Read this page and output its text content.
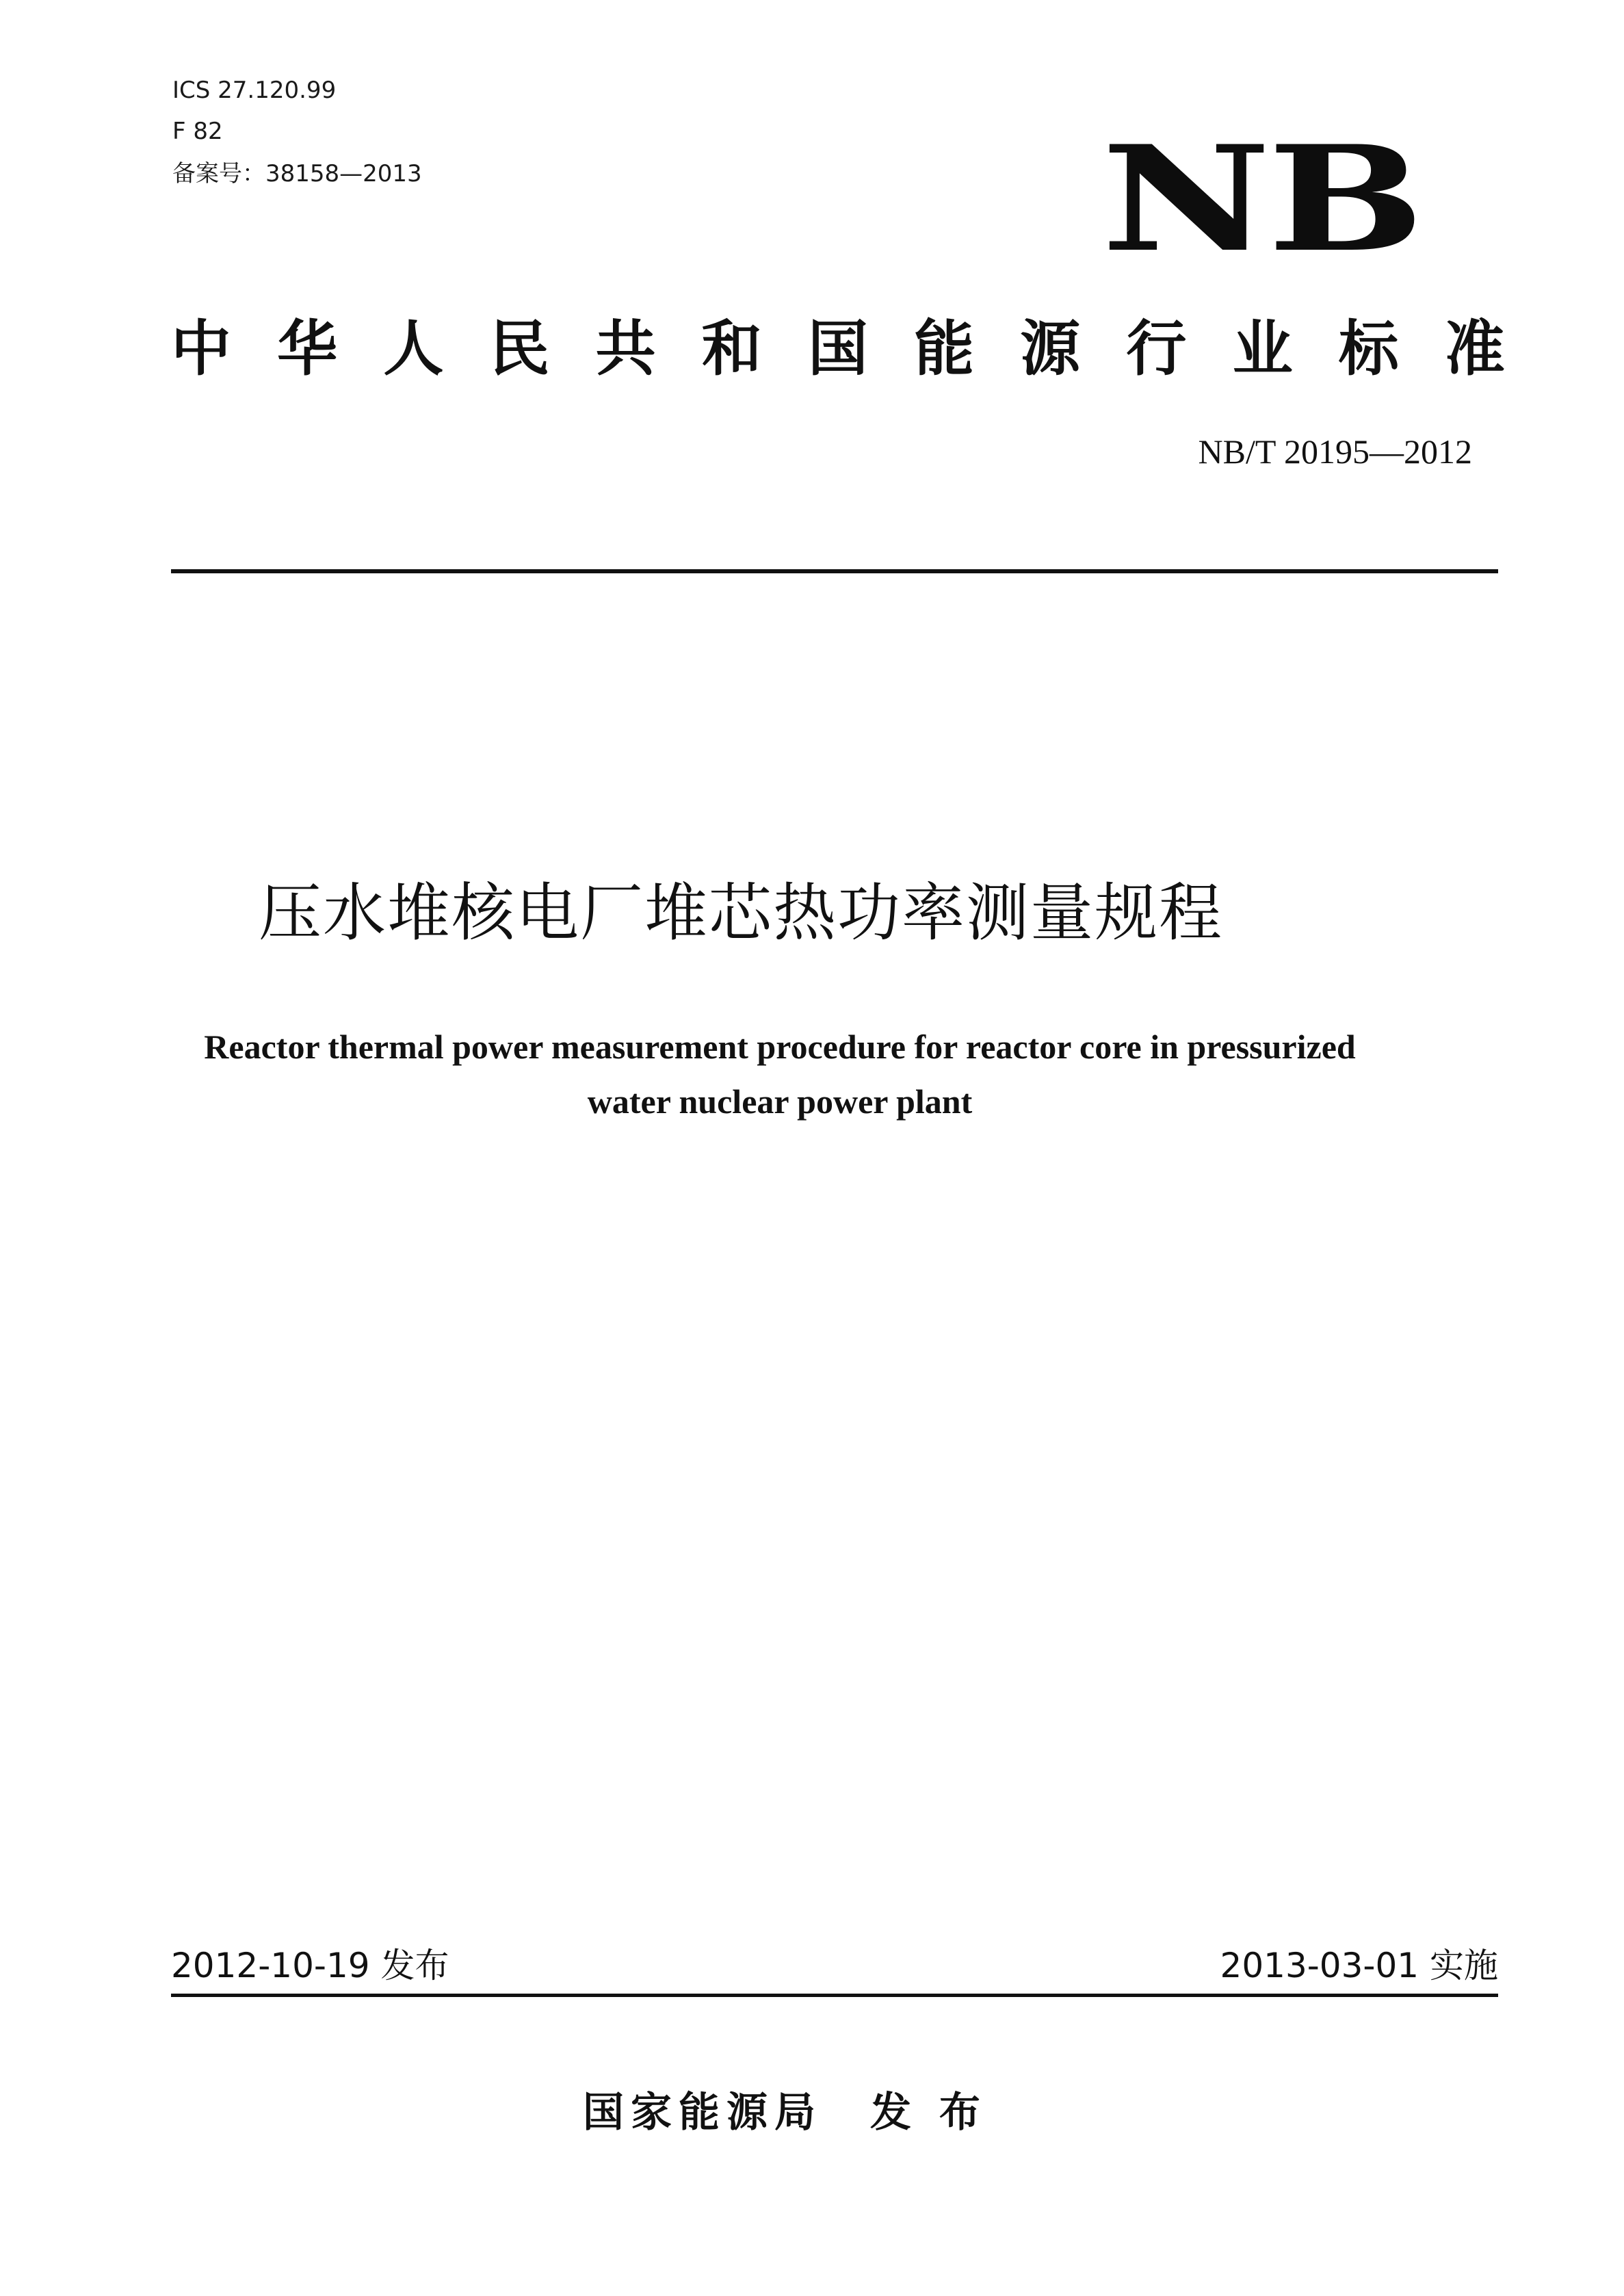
ICS 27.120.99
F 82
备案号：38158—2013	NB
中 华 人 民 共 和 国 能 源 行 业 标 准
NB/T 20195—2012
压水堆核电厂堆芯热功率测量规程
Reactor thermal power measurement procedure for reactor core in pressurized
water nuclear power plant
2012-10-19 发布	2013-03-01 实施
国家能源局 发 布
